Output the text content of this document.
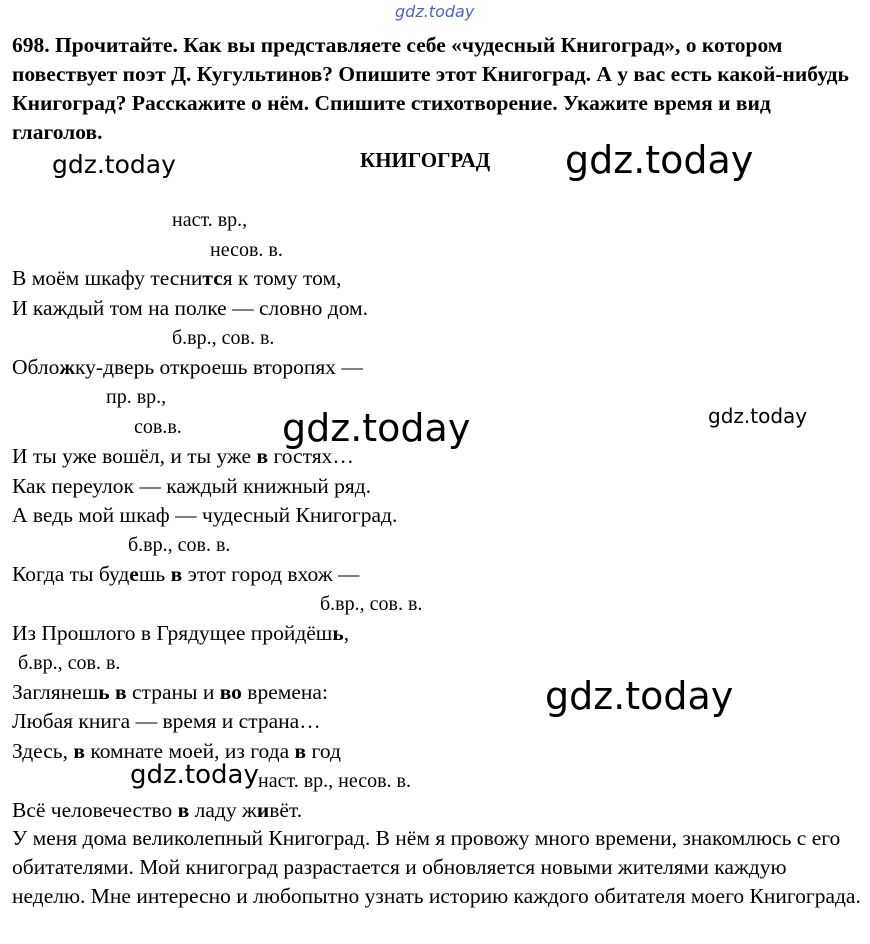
gdz.today
gdz.today	gdz.today
gdz.today	gdz.today
gdz.today
gdz.today
698. Прочитайте. Как вы представляете себе «чудесный Книгоград», о котором повествует поэт Д. Кугультинов? Опишите этот Книгоград. А у вас есть какой-нибудь Книгоград? Расскажите о нём. Спишите стихотворение. Укажите время и вид глаголов.
КНИГОГРАД
наст. вр.,
несов. в.
б.вр., сов. в.
пр. вр.,
сов.в.
б.вр., сов. в.
б.вр., сов. в.
б.вр., сов. в.
наст. вр., несов. в.
В моём шкафу теснится к тому том,
И каждый том на полке — словно дом.
Обложку-дверь откроешь второпях —
И ты уже вошёл, и ты уже в гостях…
Как переулок — каждый книжный ряд.
А ведь мой шкаф — чудесный Книгоград.
Когда ты будешь в этот город вхож —
Из Прошлого в Грядущее пройдёшь,
Заглянешь в страны и во времена:
Любая книга — время и страна…
Здесь, в комнате моей, из года в год
Всё человечество в ладу живёт.
У меня дома великолепный Книгоград. В нём я провожу много времени, знакомлюсь с его обитателями. Мой книгоград разрастается и обновляется новыми жителями каждую неделю. Мне интересно и любопытно узнать историю каждого обитателя моего Книгограда.
